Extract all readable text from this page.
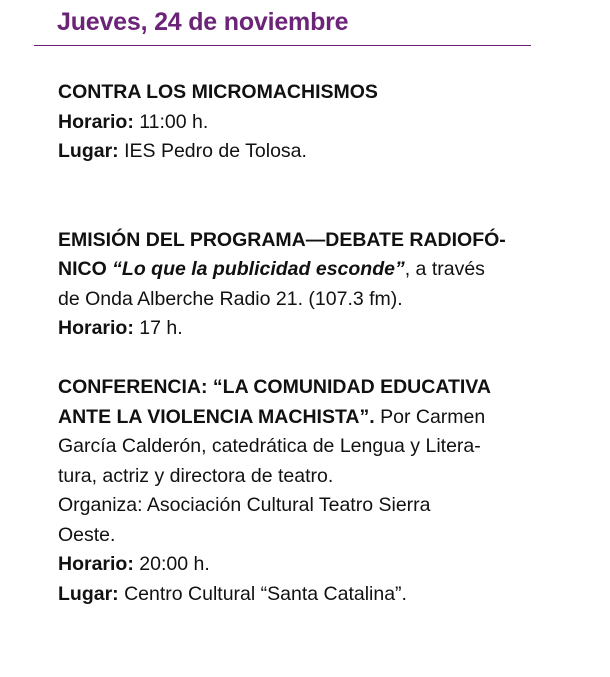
Jueves, 24 de noviembre
CONTRA LOS MICROMACHISMOS
Horario: 11:00 h.
Lugar: IES Pedro de Tolosa.
EMISIÓN DEL PROGRAMA—DEBATE RADIOFÓ-
NICO “Lo que la publicidad esconde”, a través
de Onda Alberche Radio 21. (107.3 fm).
Horario: 17 h.
CONFERENCIA: “LA COMUNIDAD EDUCATIVA
ANTE LA VIOLENCIA MACHISTA”. Por Carmen
García Calderón, catedrática de Lengua y Litera-
tura, actriz y directora de teatro.
Organiza: Asociación Cultural Teatro Sierra
Oeste.
Horario: 20:00 h.
Lugar: Centro Cultural “Santa Catalina”.
